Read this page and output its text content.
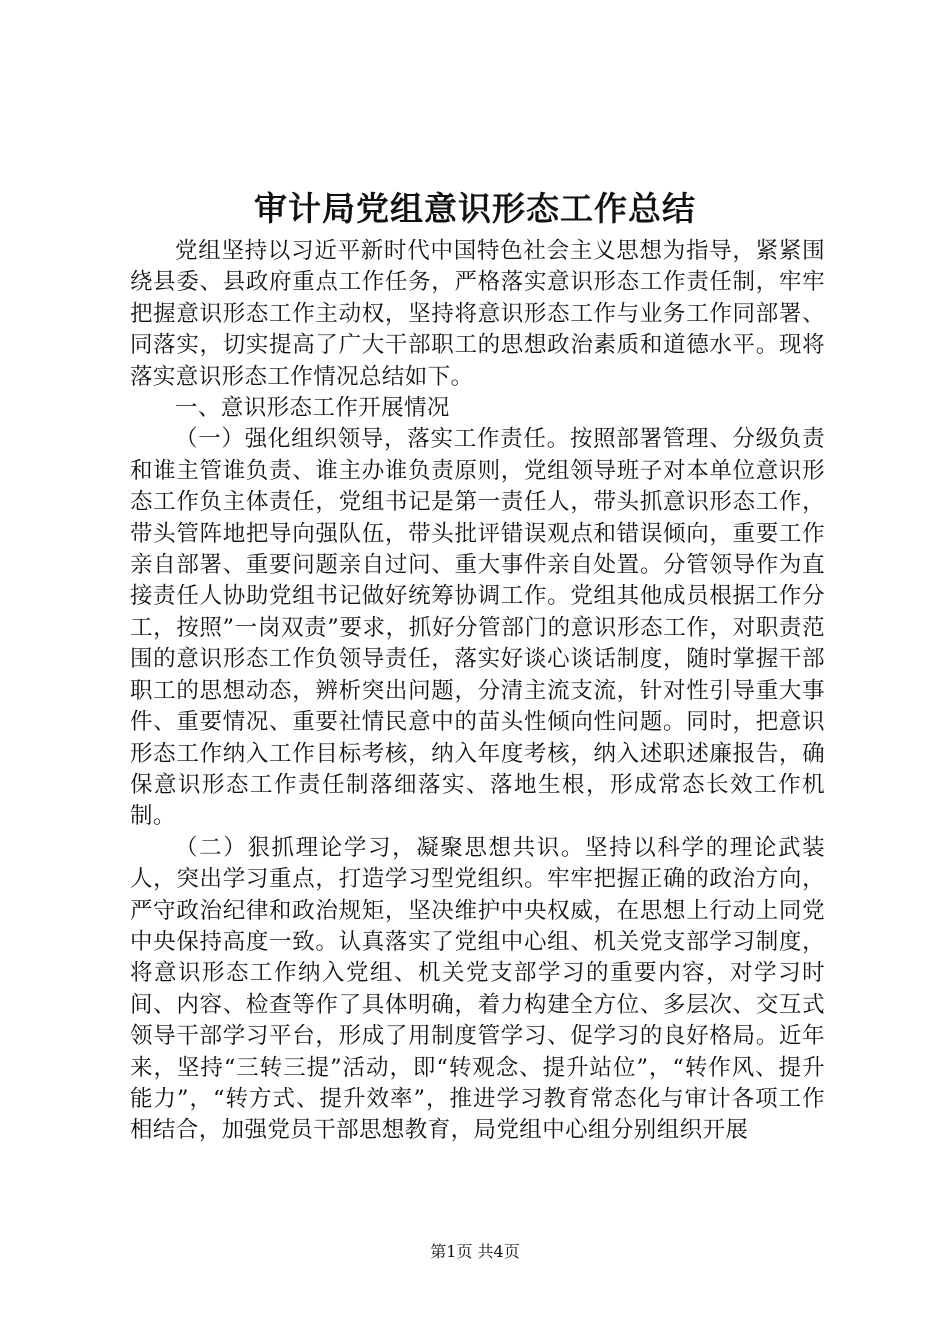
审计局党组意识形态工作总结

党组坚持以习近平新时代中国特色社会主义思想为指导，紧紧围绕县委、县政府重点工作任务，严格落实意识形态工作责任制，牢牢把握意识形态工作主动权，坚持将意识形态工作与业务工作同部署、同落实，切实提高了广大干部职工的思想政治素质和道德水平。现将落实意识形态工作情况总结如下。

一、意识形态工作开展情况

（一）强化组织领导，落实工作责任。按照部署管理、分级负责和谁主管谁负责、谁主办谁负责原则，党组领导班子对本单位意识形态工作负主体责任，党组书记是第一责任人，带头抓意识形态工作，带头管阵地把导向强队伍，带头批评错误观点和错误倾向，重要工作亲自部署、重要问题亲自过问、重大事件亲自处置。分管领导作为直接责任人协助党组书记做好统筹协调工作。党组其他成员根据工作分工，按照”一岗双责”要求，抓好分管部门的意识形态工作，对职责范围的意识形态工作负领导责任，落实好谈心谈话制度，随时掌握干部职工的思想动态，辨析突出问题，分清主流支流，针对性引导重大事件、重要情况、重要社情民意中的苗头性倾向性问题。同时，把意识形态工作纳入工作目标考核，纳入年度考核，纳入述职述廉报告，确保意识形态工作责任制落细落实、落地生根，形成常态长效工作机制。

（二）狠抓理论学习，凝聚思想共识。坚持以科学的理论武装人，突出学习重点，打造学习型党组织。牢牢把握正确的政治方向，严守政治纪律和政治规矩，坚决维护中央权威，在思想上行动上同党中央保持高度一致。认真落实了党组中心组、机关党支部学习制度，将意识形态工作纳入党组、机关党支部学习的重要内容，对学习时间、内容、检查等作了具体明确，着力构建全方位、多层次、交互式领导干部学习平台，形成了用制度管学习、促学习的良好格局。近年来，坚持“三转三提”活动，即“转观念、提升站位”，“转作风、提升能力”，“转方式、提升效率”，推进学习教育常态化与审计各项工作相结合，加强党员干部思想教育，局党组中心组分别组织开展

第1页 共4页
